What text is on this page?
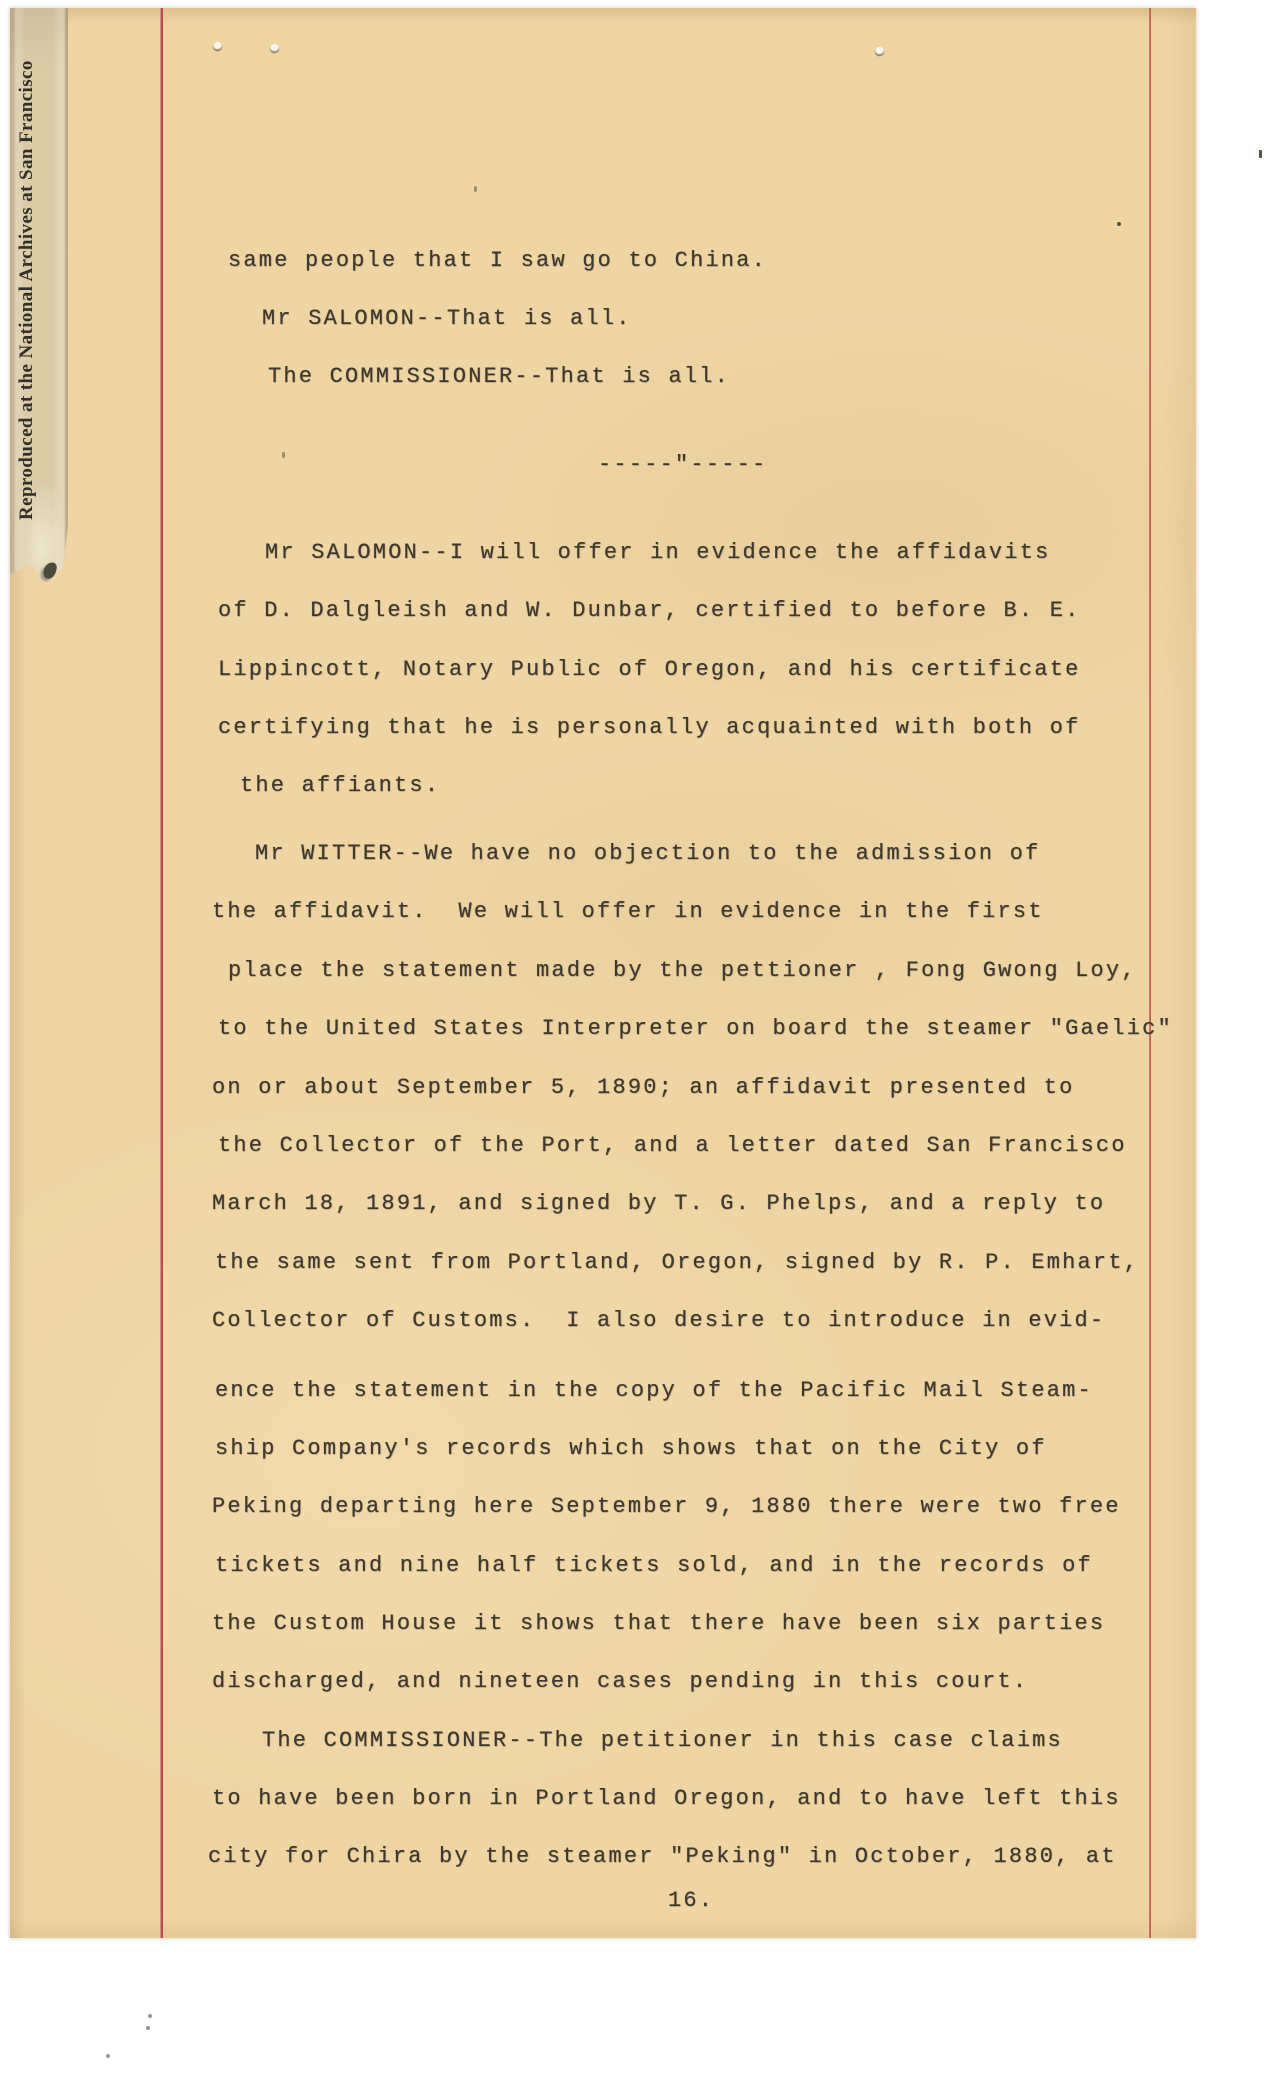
Reproduced at the National Archives at San Francisco	same people that I saw go to China.
Mr SALOMON--That is all.
The COMMISSIONER--That is all.
-----"-----
Mr SALOMON--I will offer in evidence the affidavits
of D. Dalgleish and W. Dunbar, certified to before B. E.
Lippincott, Notary Public of Oregon, and his certificate
certifying that he is personally acquainted with both of
the affiants.
Mr WITTER--We have no objection to the admission of
the affidavit.  We will offer in evidence in the first
place the statement made by the pettioner , Fong Gwong Loy,
to the United States Interpreter on board the steamer "Gaelic"
on or about September 5, 1890; an affidavit presented to
the Collector of the Port, and a letter dated San Francisco
March 18, 1891, and signed by T. G. Phelps, and a reply to
the same sent from Portland, Oregon, signed by R. P. Emhart,
Collector of Customs.  I also desire to introduce in evid-
ence the statement in the copy of the Pacific Mail Steam-
ship Company's records which shows that on the City of
Peking departing here September 9, 1880 there were two free
tickets and nine half tickets sold, and in the records of
the Custom House it shows that there have been six parties
discharged, and nineteen cases pending in this court.
The COMMISSIONER--The petitioner in this case claims
to have been born in Portland Oregon, and to have left this
city for Chira by the steamer "Peking" in October, 1880, at
16.
